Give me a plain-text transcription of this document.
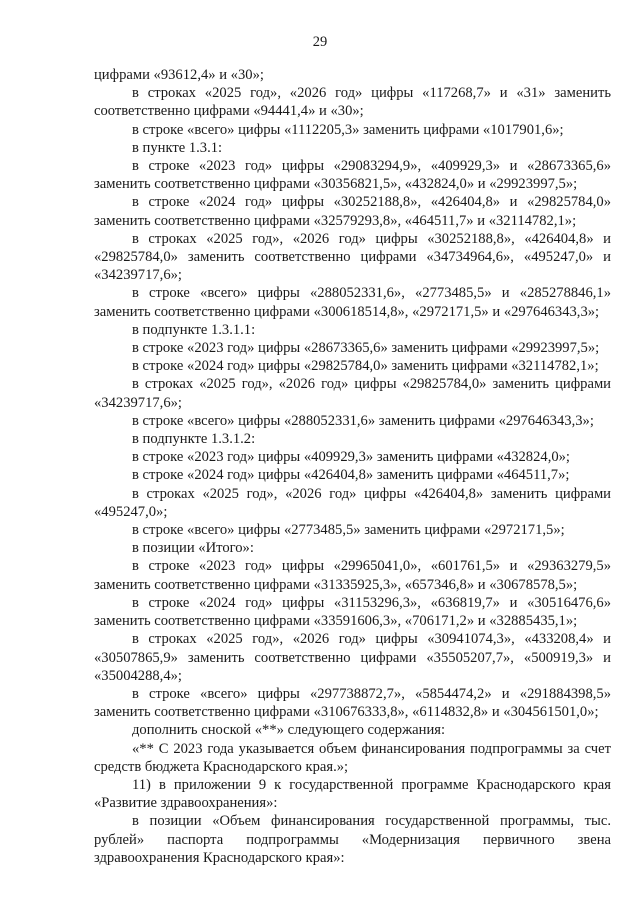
29

цифрами «93612,4» и «30»;

в строках «2025 год», «2026 год» цифры «117268,7» и «31» заменить соответственно цифрами «94441,4» и «30»;

в строке «всего» цифры «1112205,3» заменить цифрами «1017901,6»;

в пункте 1.3.1:

в строке «2023 год» цифры «29083294,9», «409929,3» и «28673365,6» заменить соответственно цифрами «30356821,5», «432824,0» и «29923997,5»;

в строке «2024 год» цифры «30252188,8», «426404,8» и «29825784,0» заменить соответственно цифрами «32579293,8», «464511,7» и «32114782,1»;

в строках «2025 год», «2026 год» цифры «30252188,8», «426404,8» и «29825784,0» заменить соответственно цифрами «34734964,6», «495247,0» и «34239717,6»;

в строке «всего» цифры «288052331,6», «2773485,5» и «285278846,1» заменить соответственно цифрами «300618514,8», «2972171,5» и «297646343,3»;

в подпункте 1.3.1.1:

в строке «2023 год» цифры «28673365,6» заменить цифрами «29923997,5»;

в строке «2024 год» цифры «29825784,0» заменить цифрами «32114782,1»;

в строках «2025 год», «2026 год» цифры «29825784,0» заменить цифрами «34239717,6»;

в строке «всего» цифры «288052331,6» заменить цифрами «297646343,3»;

в подпункте 1.3.1.2:

в строке «2023 год» цифры «409929,3» заменить цифрами «432824,0»;

в строке «2024 год» цифры «426404,8» заменить цифрами «464511,7»;

в строках «2025 год», «2026 год» цифры «426404,8» заменить цифрами «495247,0»;

в строке «всего» цифры «2773485,5» заменить цифрами «2972171,5»;

в позиции «Итого»:

в строке «2023 год» цифры «29965041,0», «601761,5» и «29363279,5» заменить соответственно цифрами «31335925,3», «657346,8» и «30678578,5»;

в строке «2024 год» цифры «31153296,3», «636819,7» и «30516476,6» заменить соответственно цифрами «33591606,3», «706171,2» и «32885435,1»;

в строках «2025 год», «2026 год» цифры «30941074,3», «433208,4» и «30507865,9» заменить соответственно цифрами «35505207,7», «500919,3» и «35004288,4»;

в строке «всего» цифры «297738872,7», «5854474,2» и «291884398,5» заменить соответственно цифрами «310676333,8», «6114832,8» и «304561501,0»;

дополнить сноской «**» следующего содержания:

«** С 2023 года указывается объем финансирования подпрограммы за счет средств бюджета Краснодарского края.»;

11) в приложении 9 к государственной программе Краснодарского края «Развитие здравоохранения»:

в позиции «Объем финансирования государственной программы, тыс. рублей» паспорта подпрограммы «Модернизация первичного звена здравоохранения Краснодарского края»:
